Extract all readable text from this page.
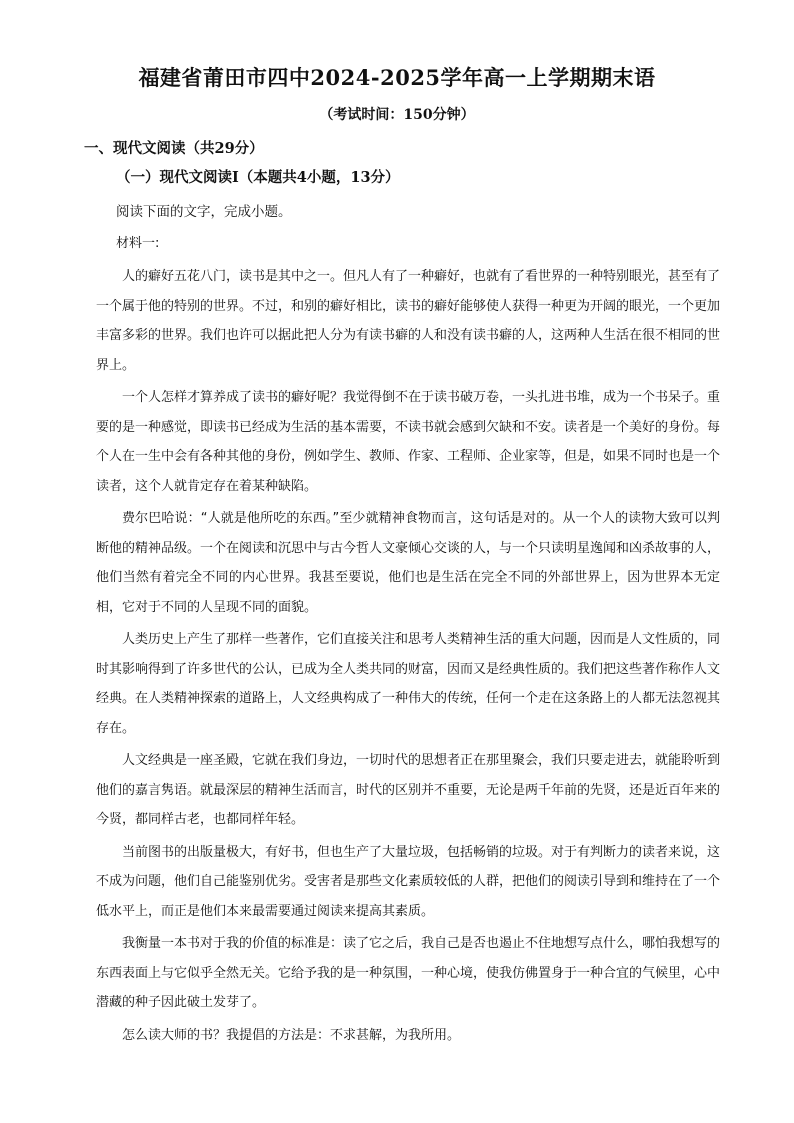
福建省莆田市四中2024-2025学年高一上学期期末语
（考试时间：150分钟）
一、现代文阅读（共29分）
（一）现代文阅读Ⅰ（本题共4小题，13分）
阅读下面的文字，完成小题。
材料一:

人的癖好五花八门，读书是其中之一。但凡人有了一种癖好，也就有了看世界的一种特别眼光，甚至有了一个属于他的特别的世界。不过，和别的癖好相比，读书的癖好能够使人获得一种更为开阔的眼光，一个更加丰富多彩的世界。我们也许可以据此把人分为有读书癖的人和没有读书癖的人，这两种人生活在很不相同的世界上。

一个人怎样才算养成了读书的癖好呢？我觉得倒不在于读书破万卷，一头扎进书堆，成为一个书呆子。重要的是一种感觉，即读书已经成为生活的基本需要，不读书就会感到欠缺和不安。读者是一个美好的身份。每个人在一生中会有各种其他的身份，例如学生、教师、作家、工程师、企业家等，但是，如果不同时也是一个读者，这个人就肯定存在着某种缺陷。

费尔巴哈说：“人就是他所吃的东西。”至少就精神食物而言，这句话是对的。从一个人的读物大致可以判断他的精神品级。一个在阅读和沉思中与古今哲人文豪倾心交谈的人，与一个只读明星逸闻和凶杀故事的人，他们当然有着完全不同的内心世界。我甚至要说，他们也是生活在完全不同的外部世界上，因为世界本无定相，它对于不同的人呈现不同的面貌。

人类历史上产生了那样一些著作，它们直接关注和思考人类精神生活的重大问题，因而是人文性质的，同时其影响得到了许多世代的公认，已成为全人类共同的财富，因而又是经典性质的。我们把这些著作称作人文经典。在人类精神探索的道路上，人文经典构成了一种伟大的传统，任何一个走在这条路上的人都无法忽视其存在。

人文经典是一座圣殿，它就在我们身边，一切时代的思想者正在那里聚会，我们只要走进去，就能聆听到他们的嘉言隽语。就最深层的精神生活而言，时代的区别并不重要，无论是两千年前的先贤，还是近百年来的今贤，都同样古老，也都同样年轻。

当前图书的出版量极大，有好书，但也生产了大量垃圾，包括畅销的垃圾。对于有判断力的读者来说，这不成为问题，他们自己能鉴别优劣。受害者是那些文化素质较低的人群，把他们的阅读引导到和维持在了一个低水平上，而正是他们本来最需要通过阅读来提高其素质。

我衡量一本书对于我的价值的标准是：读了它之后，我自己是否也遏止不住地想写点什么，哪怕我想写的东西表面上与它似乎全然无关。它给予我的是一种氛围，一种心境，使我仿佛置身于一种合宜的气候里，心中潜藏的种子因此破土发芽了。

怎么读大师的书？我提倡的方法是：不求甚解，为我所用。
